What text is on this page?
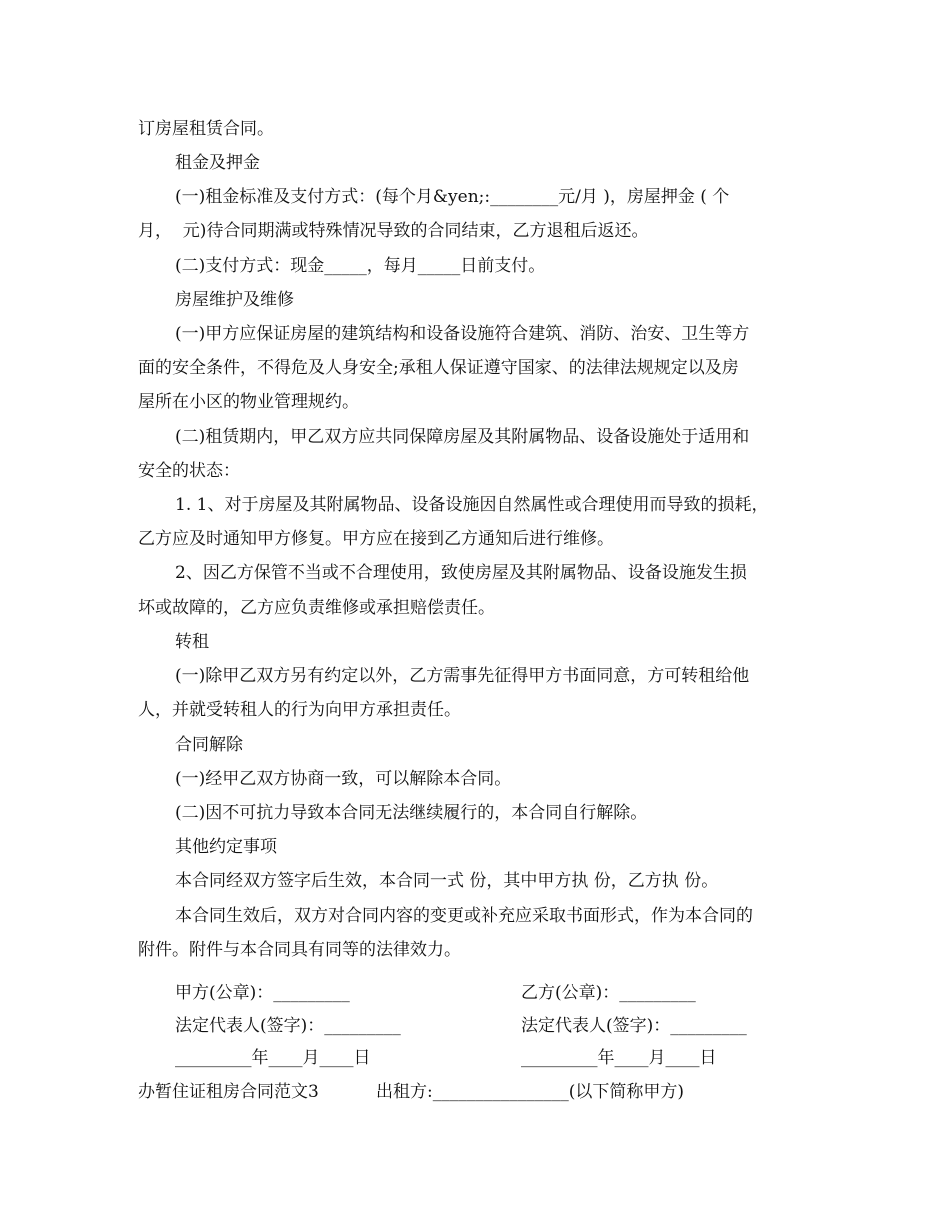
订房屋租赁合同。
租金及押金
(一)租金标准及支付方式：(每个月&yen;:________元/月 )，房屋押金 ( 个
月，  元)待合同期满或特殊情况导致的合同结束，乙方退租后返还。
(二)支付方式：现金_____，每月_____日前支付。
房屋维护及维修
(一)甲方应保证房屋的建筑结构和设备设施符合建筑、消防、治安、卫生等方
面的安全条件，不得危及人身安全;承租人保证遵守国家、的法律法规规定以及房
屋所在小区的物业管理规约。
(二)租赁期内，甲乙双方应共同保障房屋及其附属物品、设备设施处于适用和
安全的状态：
1. 1、对于房屋及其附属物品、设备设施因自然属性或合理使用而导致的损耗，
乙方应及时通知甲方修复。甲方应在接到乙方通知后进行维修。
2、因乙方保管不当或不合理使用，致使房屋及其附属物品、设备设施发生损
坏或故障的，乙方应负责维修或承担赔偿责任。
转租
(一)除甲乙双方另有约定以外，乙方需事先征得甲方书面同意，方可转租给他
人，并就受转租人的行为向甲方承担责任。
合同解除
(一)经甲乙双方协商一致，可以解除本合同。
(二)因不可抗力导致本合同无法继续履行的，本合同自行解除。
其他约定事项
本合同经双方签字后生效，本合同一式 份，其中甲方执 份，乙方执 份。
本合同生效后，双方对合同内容的变更或补充应采取书面形式，作为本合同的
附件。附件与本合同具有同等的法律效力。
甲方(公章)：_________	乙方(公章)：_________
法定代表人(签字)：_________	法定代表人(签字)：_________
_________年____月____日	_________年____月____日
办暂住证租房合同范文3	出租方:________________(以下简称甲方)
